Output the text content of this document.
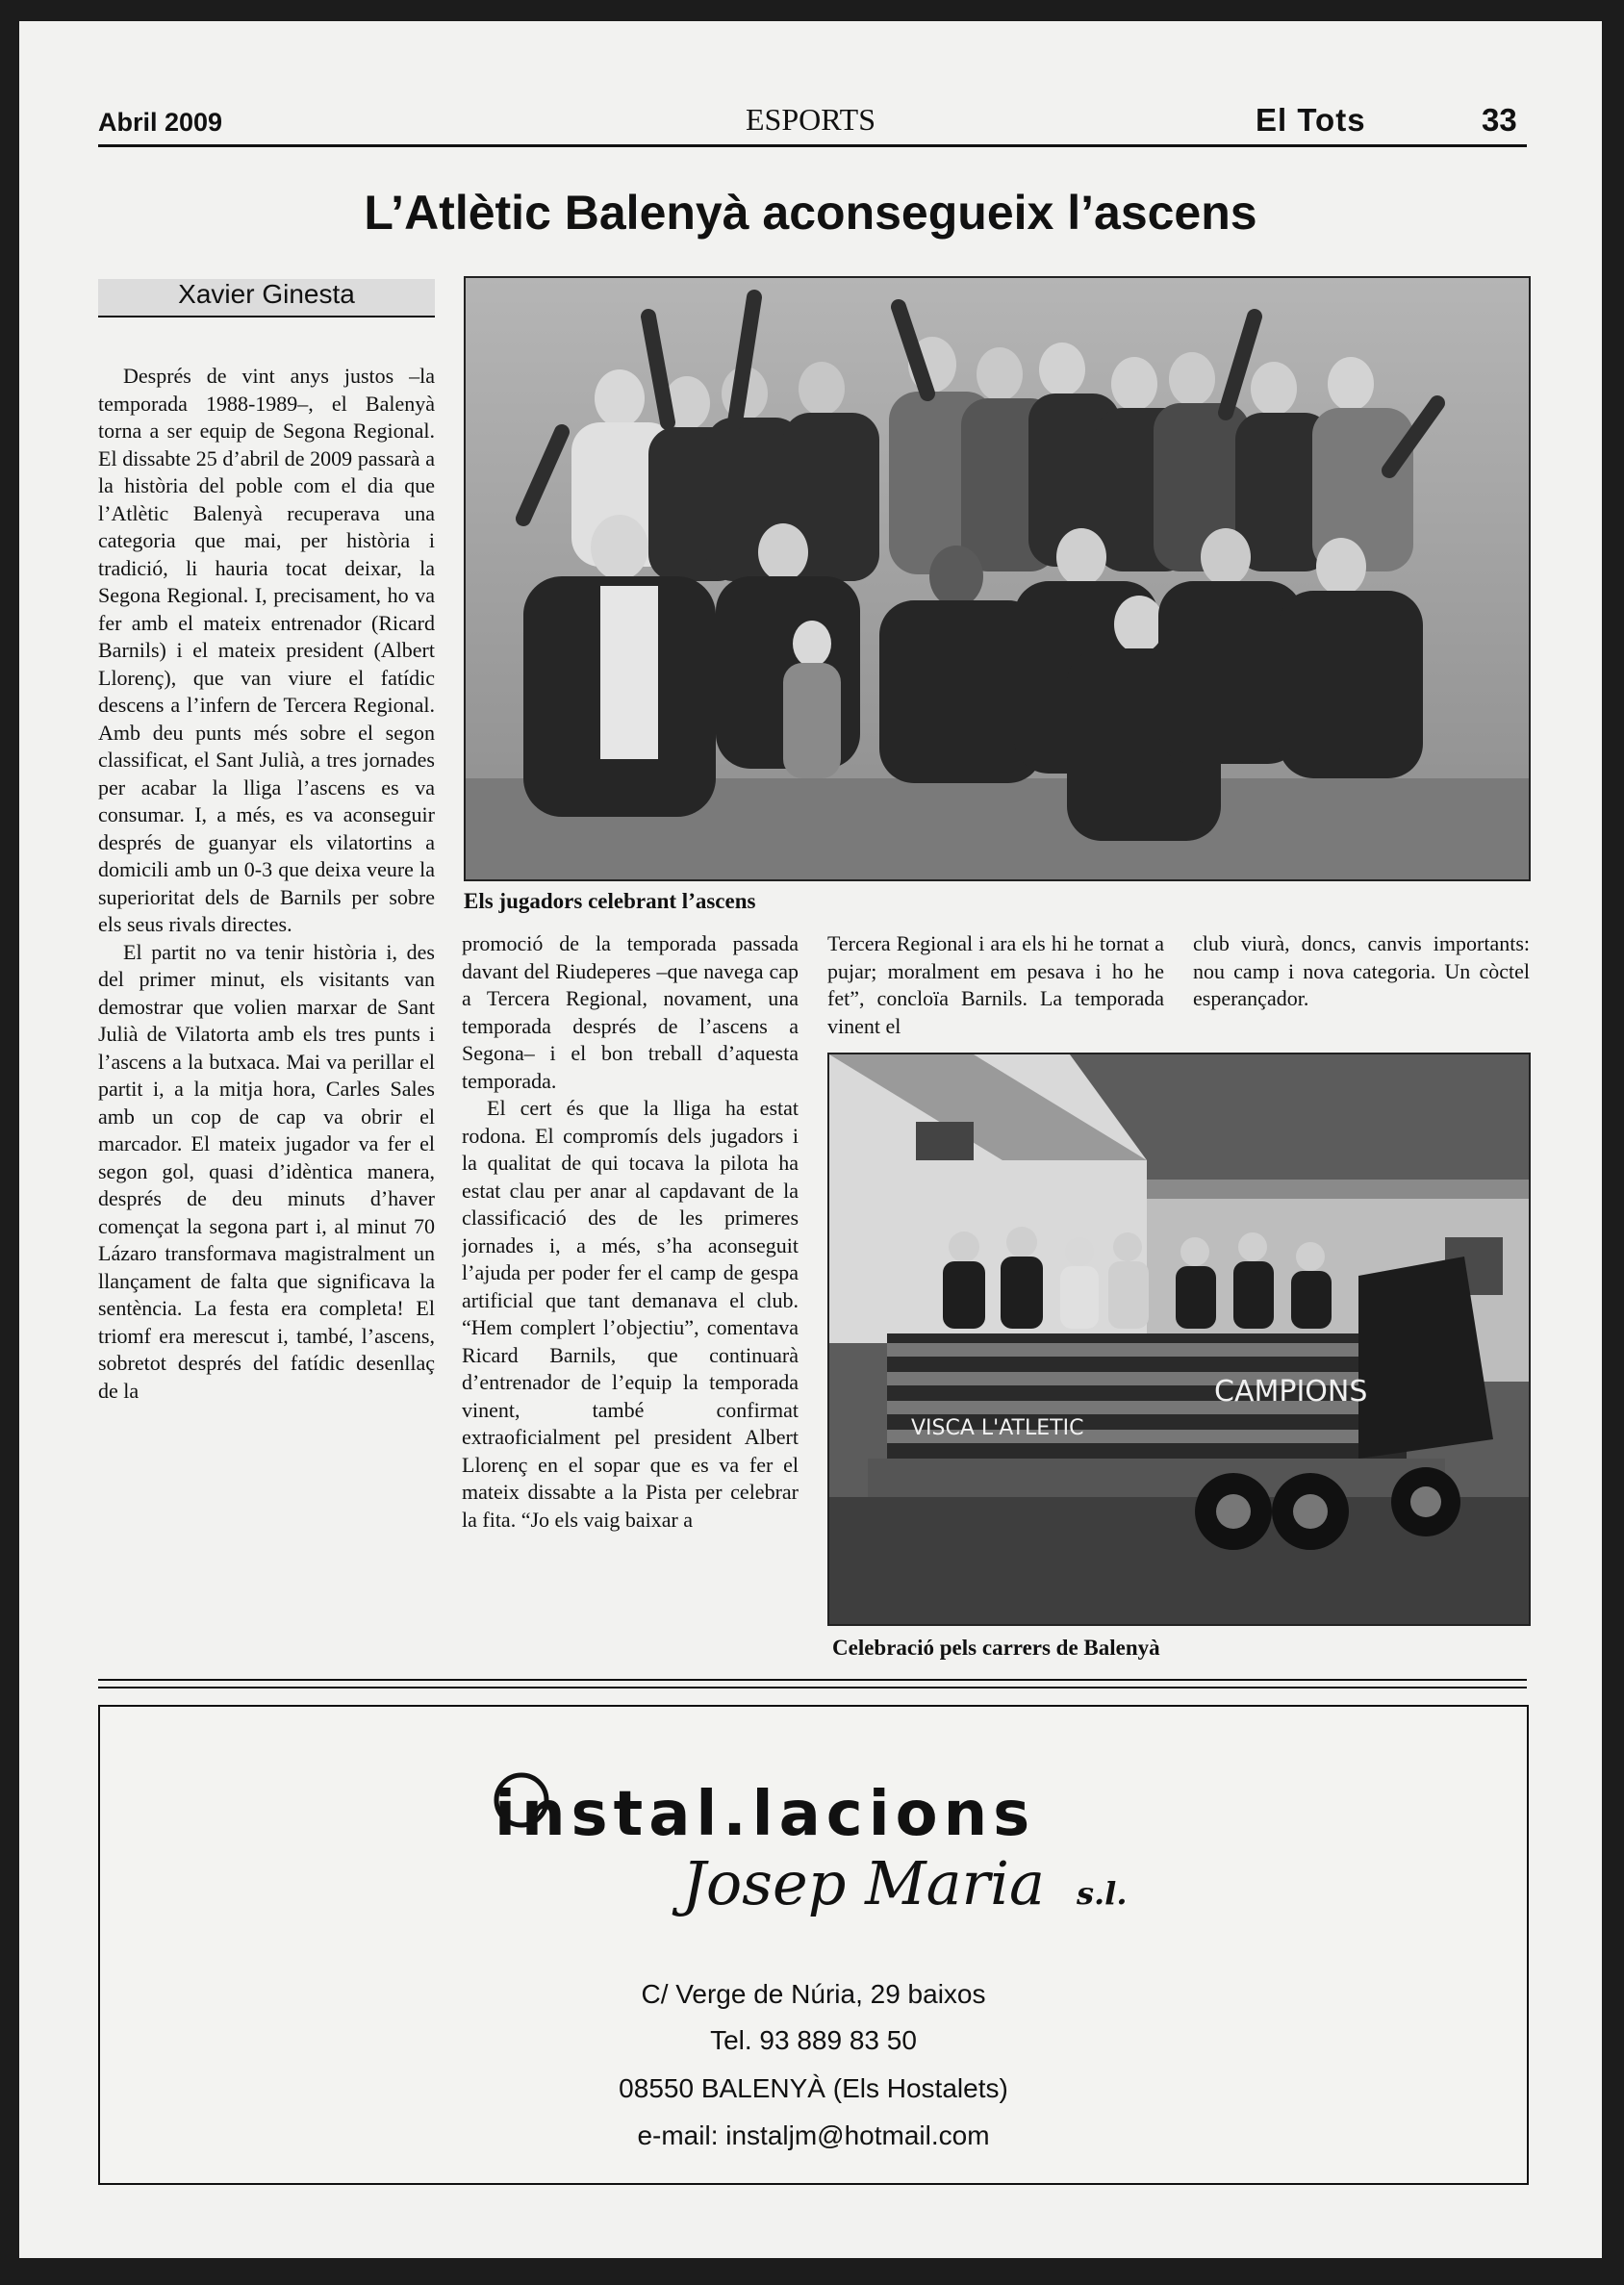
Abril 2009	ESPORTS	El Tots	33
L’Atlètic Balenyà aconsegueix l’ascens
Xavier Ginesta

Després de vint anys justos –la temporada 1988-1989–, el Balenyà torna a ser equip de Segona Regional. El dissabte 25 d’abril de 2009 passarà a la història del poble com el dia que l’Atlètic Balenyà recuperava una categoria que mai, per història i tradició, li hauria tocat deixar, la Segona Regional. I, precisament, ho va fer amb el mateix entrenador (Ricard Barnils) i el mateix president (Albert Llorenç), que van viure el fatídic descens a l’infern de Tercera Regional. Amb deu punts més sobre el segon classificat, el Sant Julià, a tres jornades per acabar la lliga l’ascens es va consumar. I, a més, es va aconseguir després de guanyar els vilatortins a domicili amb un 0-3 que deixa veure la superioritat dels de Barnils per sobre els seus rivals directes.

El partit no va tenir història i, des del primer minut, els visitants van demostrar que volien marxar de Sant Julià de Vilatorta amb els tres punts i l’ascens a la butxaca. Mai va perillar el partit i, a la mitja hora, Carles Sales amb un cop de cap va obrir el marcador. El mateix jugador va fer el segon gol, quasi d’idèntica manera, després de deu minuts d’haver començat la segona part i, al minut 70 Lázaro transformava magistralment un llançament de falta que significava la sentència. La festa era completa! El triomf era merescut i, també, l’ascens, sobretot després del fatídic desenllaç de la

Els jugadors celebrant l’ascens

promoció de la temporada passada davant del Riudeperes –que navega cap a Tercera Regional, novament, una temporada després de l’ascens a Segona– i el bon treball d’aquesta temporada.

El cert és que la lliga ha estat rodona. El compromís dels jugadors i la qualitat de qui tocava la pilota ha estat clau per anar al capdavant de la classificació des de les primeres jornades i, a més, s’ha aconseguit l’ajuda per poder fer el camp de gespa artificial que tant demanava el club. “Hem complert l’objectiu”, comentava Ricard Barnils, que continuarà d’entrenador de l’equip la temporada vinent, també confirmat extraoficialment pel president Albert Llorenç en el sopar que es va fer el mateix dissabte a la Pista per celebrar la fita. “Jo els vaig baixar a

Tercera Regional i ara els hi he tornat a pujar; moralment em pesava i ho he fet”, concloïa Barnils. La temporada vinent el

club viurà, doncs, canvis importants: nou camp i nova categoria. Un còctel esperançador.

VISCA L'ATLETIC
CAMPIONS
Celebració pels carrers de Balenyà
instal.lacions
Josep Maria s.l.
C/ Verge de Núria, 29 baixos
Tel. 93 889 83 50
08550 BALENYÀ (Els Hostalets)
e-mail: instaljm@hotmail.com
